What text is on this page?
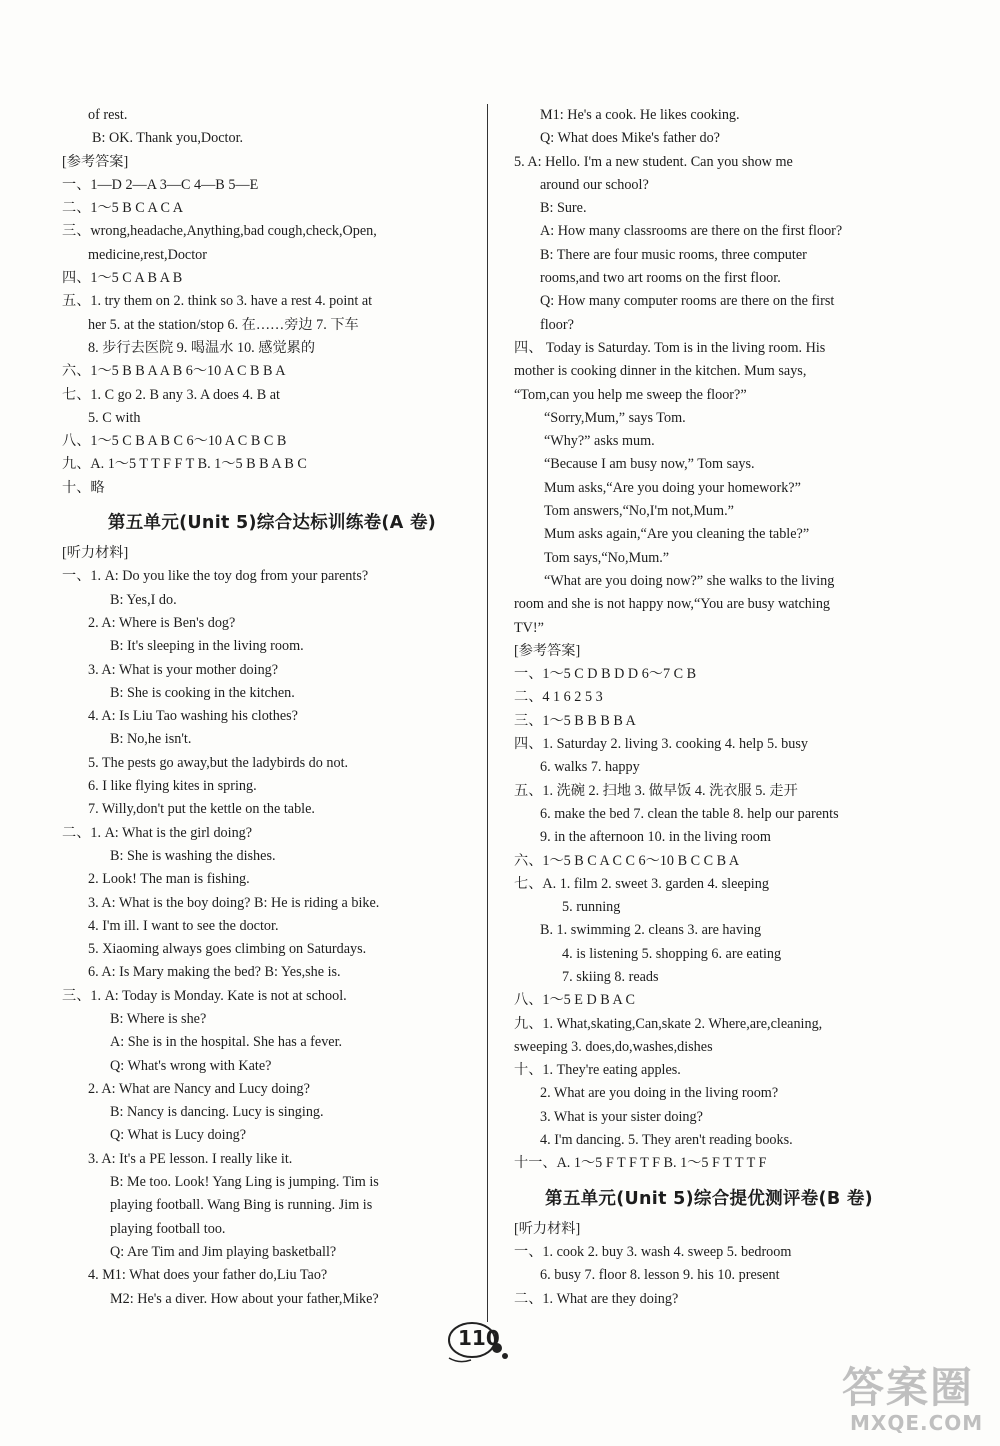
of rest.
B: OK. Thank you,Doctor.
[参考答案]
一、1—D 2—A 3—C 4—B 5—E
二、1～5 B C A C A
三、wrong,headache,Anything,bad cough,check,Open,
medicine,rest,Doctor
四、1～5 C A B A B
五、1. try them on 2. think so 3. have a rest 4. point at
her 5. at the station/stop 6. 在……旁边 7. 下车
8. 步行去医院 9. 喝温水 10. 感觉累的
六、1～5 B B A A B 6～10 A C B B A
七、1. C go 2. B any 3. A does 4. B at
5. C with
八、1～5 C B A B C 6～10 A C B C B
九、A. 1～5 T T F F T B. 1～5 B B A B C
十、略
第五单元(Unit 5)综合达标训练卷(A 卷)
[听力材料]
一、1. A: Do you like the toy dog from your parents?
B: Yes,I do.
2. A: Where is Ben's dog?
B: It's sleeping in the living room.
3. A: What is your mother doing?
B: She is cooking in the kitchen.
4. A: Is Liu Tao washing his clothes?
B: No,he isn't.
5. The pests go away,but the ladybirds do not.
6. I like flying kites in spring.
7. Willy,don't put the kettle on the table.
二、1. A: What is the girl doing?
B: She is washing the dishes.
2. Look! The man is fishing.
3. A: What is the boy doing? B: He is riding a bike.
4. I'm ill. I want to see the doctor.
5. Xiaoming always goes climbing on Saturdays.
6. A: Is Mary making the bed? B: Yes,she is.
三、1. A: Today is Monday. Kate is not at school.
B: Where is she?
A: She is in the hospital. She has a fever.
Q: What's wrong with Kate?
2. A: What are Nancy and Lucy doing?
B: Nancy is dancing. Lucy is singing.
Q: What is Lucy doing?
3. A: It's a PE lesson. I really like it.
B: Me too. Look! Yang Ling is jumping. Tim is
playing football. Wang Bing is running. Jim is
playing football too.
Q: Are Tim and Jim playing basketball?
4. M1: What does your father do,Liu Tao?
M2: He's a diver. How about your father,Mike?
M1: He's a cook. He likes cooking.
Q: What does Mike's father do?
5. A: Hello. I'm a new student. Can you show me
around our school?
B: Sure.
A: How many classrooms are there on the first floor?
B: There are four music rooms, three computer
rooms,and two art rooms on the first floor.
Q: How many computer rooms are there on the first
floor?
四、 Today is Saturday. Tom is in the living room. His
mother is cooking dinner in the kitchen. Mum says,
“Tom,can you help me sweep the floor?”
“Sorry,Mum,” says Tom.
“Why?” asks mum.
“Because I am busy now,” Tom says.
Mum asks,“Are you doing your homework?”
Tom answers,“No,I'm not,Mum.”
Mum asks again,“Are you cleaning the table?”
Tom says,“No,Mum.”
“What are you doing now?” she walks to the living
room and she is not happy now,“You are busy watching
TV!”
[参考答案]
一、1～5 C D B D D 6～7 C B
二、4 1 6 2 5 3
三、1～5 B B B B A
四、1. Saturday 2. living 3. cooking 4. help 5. busy
6. walks 7. happy
五、1. 洗碗 2. 扫地 3. 做早饭 4. 洗衣服 5. 走开
6. make the bed 7. clean the table 8. help our parents
9. in the afternoon 10. in the living room
六、1～5 B C A C C 6～10 B C C B A
七、A. 1. film 2. sweet 3. garden 4. sleeping
5. running
B. 1. swimming 2. cleans 3. are having
4. is listening 5. shopping 6. are eating
7. skiing 8. reads
八、1～5 E D B A C
九、1. What,skating,Can,skate 2. Where,are,cleaning,
sweeping 3. does,do,washes,dishes
十、1. They're eating apples.
2. What are you doing in the living room?
3. What is your sister doing?
4. I'm dancing. 5. They aren't reading books.
十一、A. 1～5 F T F T F B. 1～5 F T T T F
第五单元(Unit 5)综合提优测评卷(B 卷)
[听力材料]
一、1. cook 2. buy 3. wash 4. sweep 5. bedroom
6. busy 7. floor 8. lesson 9. his 10. present
二、1. What are they doing?
110
答案圈
MXQE.COM
